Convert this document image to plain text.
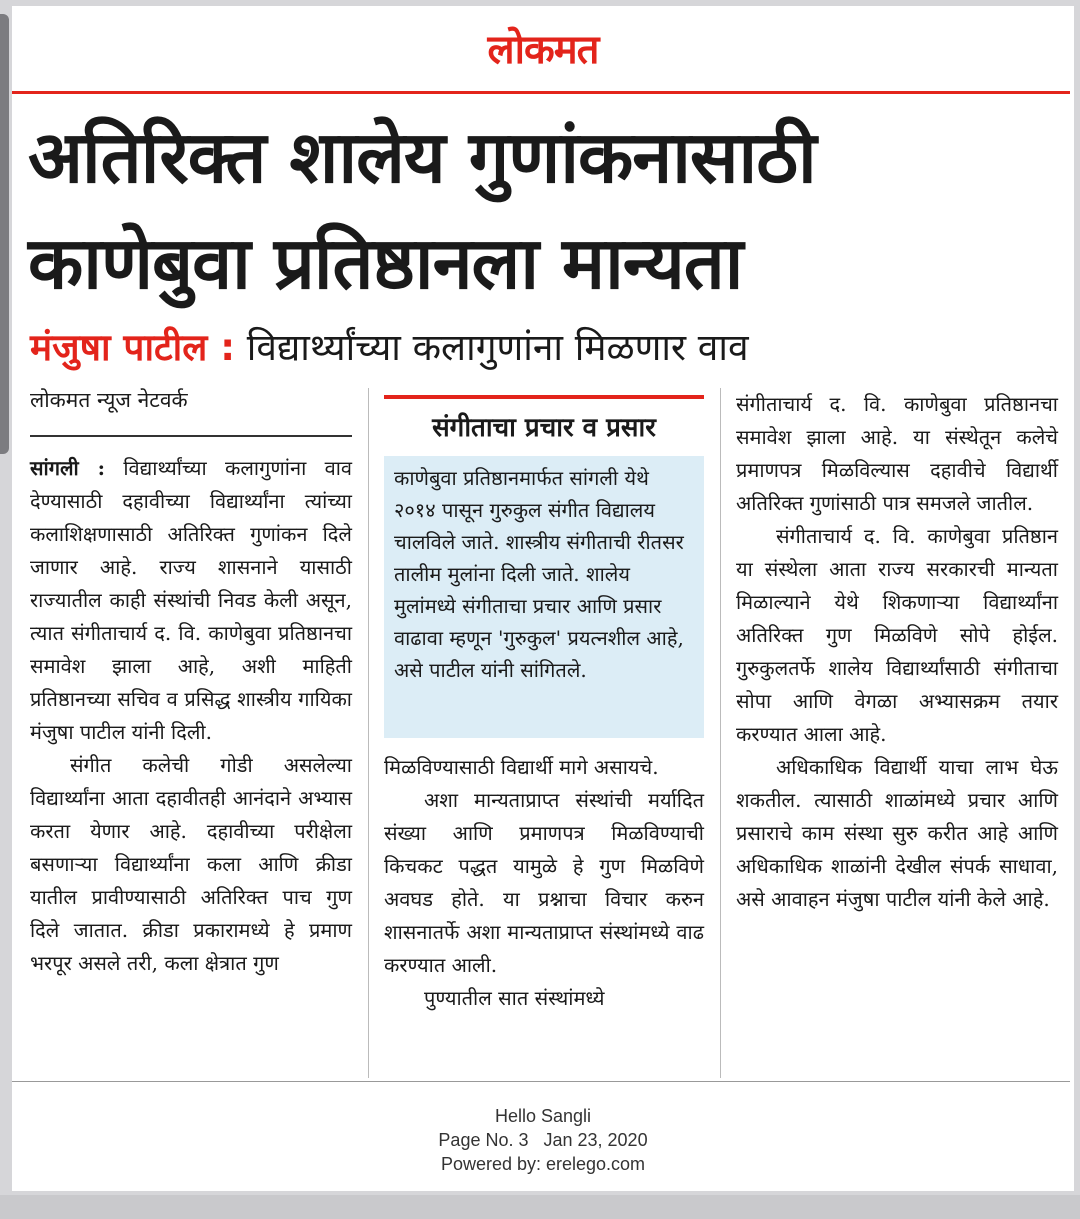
लोकमत
अतिरिक्त शालेय गुणांकनासाठी
काणेबुवा प्रतिष्ठानला मान्यता
मंजुषा पाटील : विद्यार्थ्यांच्या कलागुणांना मिळणार वाव
लोकमत न्यूज नेटवर्क

सांगली : विद्यार्थ्यांच्या कलागुणांना वाव देण्यासाठी दहावीच्या विद्यार्थ्यांना त्यांच्या कलाशिक्षणासाठी अतिरिक्त गुणांकन दिले जाणार आहे. राज्य शासनाने यासाठी राज्यातील काही संस्थांची निवड केली असून, त्यात संगीताचार्य द. वि. काणेबुवा प्रतिष्ठानचा समावेश झाला आहे, अशी माहिती प्रतिष्ठानच्या सचिव व प्रसिद्ध शास्त्रीय गायिका मंजुषा पाटील यांनी दिली.

संगीत कलेची गोडी असलेल्या विद्यार्थ्यांना आता दहावीतही आनंदाने अभ्यास करता येणार आहे. दहावीच्या परीक्षेला बसणाऱ्या विद्यार्थ्यांना कला आणि क्रीडा यातील प्रावीण्यासाठी अतिरिक्त पाच गुण दिले जातात. क्रीडा प्रकारामध्ये हे प्रमाण भरपूर असले तरी, कला क्षेत्रात गुण

संगीताचा प्रचार व प्रसार
काणेबुवा प्रतिष्ठानमार्फत सांगली येथे २०१४ पासून गुरुकुल संगीत विद्यालय चालविले जाते. शास्त्रीय संगीताची रीतसर तालीम मुलांना दिली जाते. शालेय मुलांमध्ये संगीताचा प्रचार आणि प्रसार वाढावा म्हणून 'गुरुकुल' प्रयत्नशील आहे, असे पाटील यांनी सांगितले.

मिळविण्यासाठी विद्यार्थी मागे असायचे.

अशा मान्यताप्राप्त संस्थांची मर्यादित संख्या आणि प्रमाणपत्र मिळविण्याची किचकट पद्धत यामुळे हे गुण मिळविणे अवघड होते. या प्रश्नाचा विचार करुन शासनातर्फे अशा मान्यताप्राप्त संस्थांमध्ये वाढ करण्यात आली.

पुण्यातील सात संस्थांमध्ये

संगीताचार्य द. वि. काणेबुवा प्रतिष्ठानचा समावेश झाला आहे. या संस्थेतून कलेचे प्रमाणपत्र मिळविल्यास दहावीचे विद्यार्थी अतिरिक्त गुणांसाठी पात्र समजले जातील.

संगीताचार्य द. वि. काणेबुवा प्रतिष्ठान या संस्थेला आता राज्य सरकारची मान्यता मिळाल्याने येथे शिकणाऱ्या विद्यार्थ्यांना अतिरिक्त गुण मिळविणे सोपे होईल. गुरुकुलतर्फे शालेय विद्यार्थ्यांसाठी संगीताचा सोपा आणि वेगळा अभ्यासक्रम तयार करण्यात आला आहे.

अधिकाधिक विद्यार्थी याचा लाभ घेऊ शकतील. त्यासाठी शाळांमध्ये प्रचार आणि प्रसाराचे काम संस्था सुरु करीत आहे आणि अधिकाधिक शाळांनी देखील संपर्क साधावा, असे आवाहन मंजुषा पाटील यांनी केले आहे.

Hello Sangli
Page No. 3   Jan 23, 2020
Powered by: erelego.com
